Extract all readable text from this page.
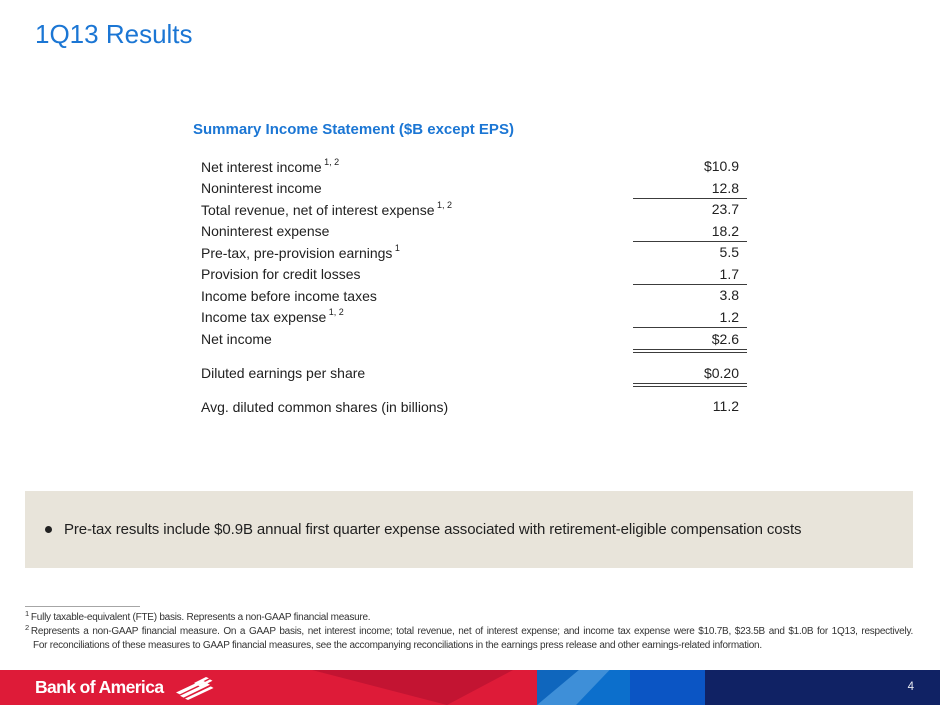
1Q13 Results
Summary Income Statement ($B except EPS)
Net interest income $^{1, 2}$	$10.9
Noninterest income	12.8
Total revenue, net of interest expense $^{1, 2}$	23.7
Noninterest expense	18.2
Pre-tax, pre-provision earnings $^1$	5.5
Provision for credit losses	1.7
Income before income taxes	3.8
Income tax expense $^{1, 2}$	1.2
Net income	$2.6
Diluted earnings per share	$0.20
Avg. diluted common shares (in billions)	11.2
Pre-tax results include $0.9B annual first quarter expense associated with retirement-eligible compensation costs
$^1$ Fully taxable-equivalent (FTE) basis. Represents a non-GAAP financial measure.
$^2$ Represents a non-GAAP financial measure. On a GAAP basis, net interest income; total revenue, net of interest expense; and income tax expense were $10.7B, $23.5B and $1.0B for 1Q13, respectively.
For reconciliations of these measures to GAAP financial measures, see the accompanying reconciliations in the earnings press release and other earnings-related information.
4
Bank of America
